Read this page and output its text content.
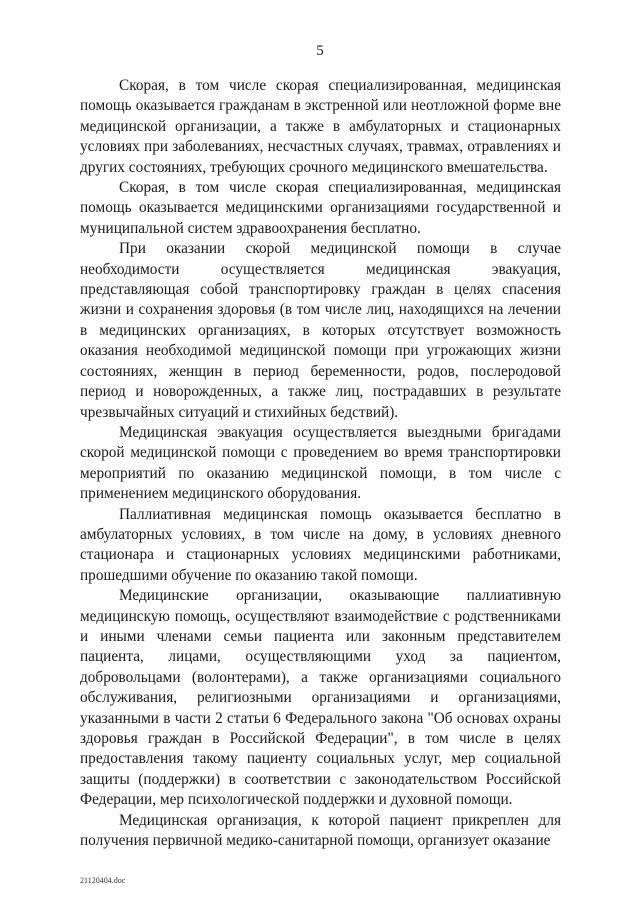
5

Скорая, в том числе скорая специализированная, медицинская помощь оказывается гражданам в экстренной или неотложной форме вне медицинской организации, а также в амбулаторных и стационарных условиях при заболеваниях, несчастных случаях, травмах, отравлениях и других состояниях, требующих срочного медицинского вмешательства.

Скорая, в том числе скорая специализированная, медицинская помощь оказывается медицинскими организациями государственной и муниципальной систем здравоохранения бесплатно.

При оказании скорой медицинской помощи в случае необходимости осуществляется медицинская эвакуация, представляющая собой транспортировку граждан в целях спасения жизни и сохранения здоровья (в том числе лиц, находящихся на лечении в медицинских организациях, в которых отсутствует возможность оказания необходимой медицинской помощи при угрожающих жизни состояниях, женщин в период беременности, родов, послеродовой период и новорожденных, а также лиц, пострадавших в результате чрезвычайных ситуаций и стихийных бедствий).

Медицинская эвакуация осуществляется выездными бригадами скорой медицинской помощи с проведением во время транспортировки мероприятий по оказанию медицинской помощи, в том числе с применением медицинского оборудования.

Паллиативная медицинская помощь оказывается бесплатно в амбулаторных условиях, в том числе на дому, в условиях дневного стационара и стационарных условиях медицинскими работниками, прошедшими обучение по оказанию такой помощи.

Медицинские организации, оказывающие паллиативную медицинскую помощь, осуществляют взаимодействие с родственниками и иными членами семьи пациента или законным представителем пациента, лицами, осуществляющими уход за пациентом, добровольцами (волонтерами), а также организациями социального обслуживания, религиозными организациями и организациями, указанными в части 2 статьи 6 Федерального закона "Об основах охраны здоровья граждан в Российской Федерации", в том числе в целях предоставления такому пациенту социальных услуг, мер социальной защиты (поддержки) в соответствии с законодательством Российской Федерации, мер психологической поддержки и духовной помощи.

Медицинская организация, к которой пациент прикреплен для получения первичной медико-санитарной помощи, организует оказание

21120404.doc
